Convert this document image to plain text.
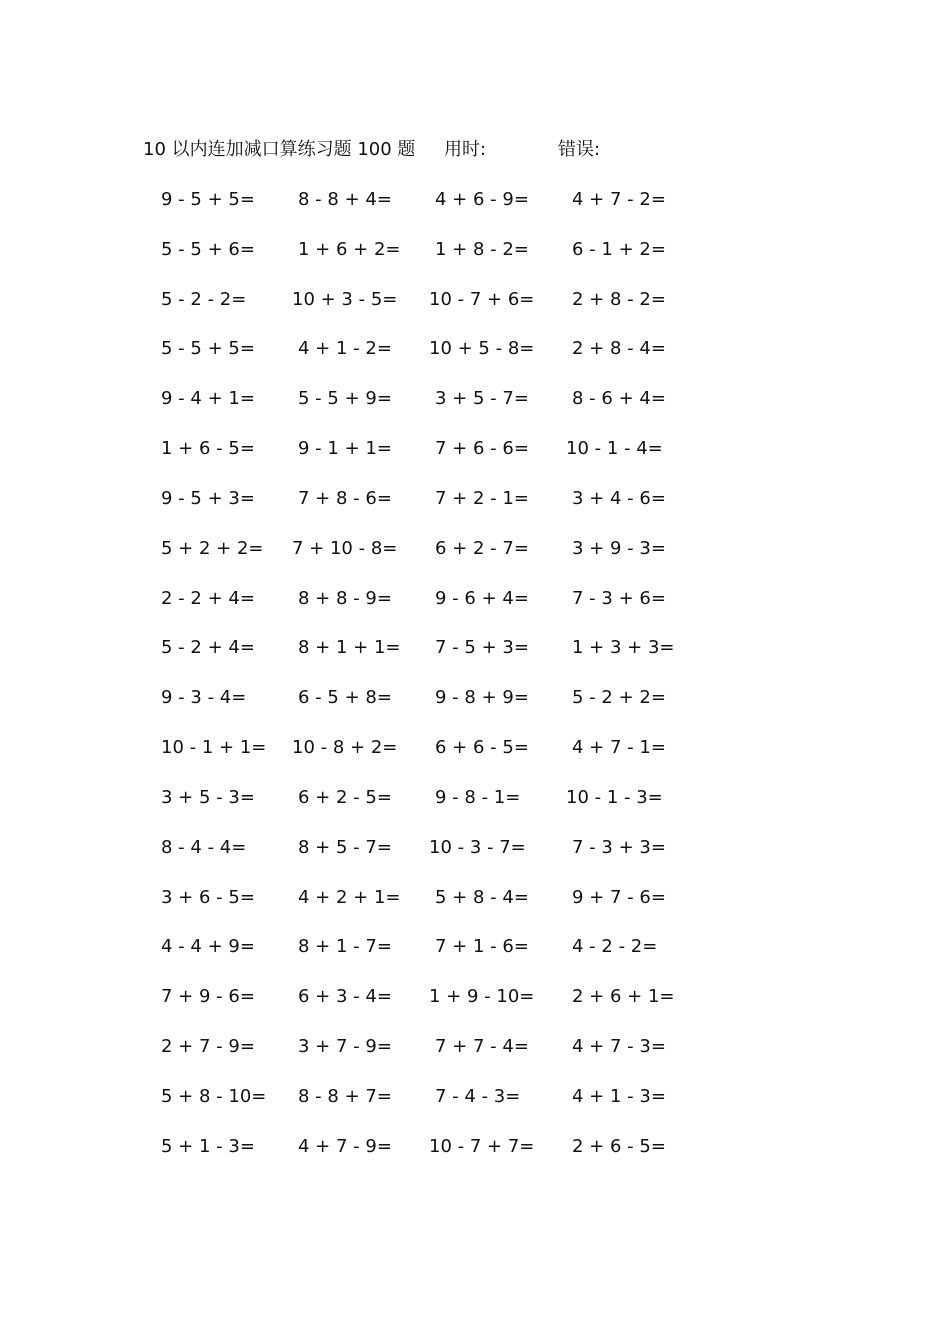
10 以内连加减口算练习题 100 题 用时:	错误:
9 - 5 + 5= 8 - 8 + 4= 4 + 6 - 9= 4 + 7 - 2=
5 - 5 + 6= 1 + 6 + 2= 1 + 8 - 2= 6 - 1 + 2=
5 - 2 - 2=	10 + 3 - 5= 10 - 7 + 6= 2 + 8 - 2=
5 - 5 + 5= 4 + 1 - 2= 10 + 5 - 8= 2 + 8 - 4=
9 - 4 + 1= 5 - 5 + 9= 3 + 5 - 7= 8 - 6 + 4=
1 + 6 - 5= 9 - 1 + 1= 7 + 6 - 6= 10 - 1 - 4=
9 - 5 + 3= 7 + 8 - 6= 7 + 2 - 1= 3 + 4 - 6=
5 + 2 + 2= 7 + 10 - 8= 6 + 2 - 7= 3 + 9 - 3=
2 - 2 + 4= 8 + 8 - 9= 9 - 6 + 4= 7 - 3 + 6=
5 - 2 + 4= 8 + 1 + 1= 7 - 5 + 3= 1 + 3 + 3=
9 - 3 - 4=	6 - 5 + 8= 9 - 8 + 9= 5 - 2 + 2=
10 - 1 + 1= 10 - 8 + 2= 6 + 6 - 5= 4 + 7 - 1=
3 + 5 - 3= 6 + 2 - 5= 9 - 8 - 1=	10 - 1 - 3=
8 - 4 - 4=	8 + 5 - 7= 10 - 3 - 7=	7 - 3 + 3=
3 + 6 - 5= 4 + 2 + 1= 5 + 8 - 4= 9 + 7 - 6=
4 - 4 + 9= 8 + 1 - 7= 7 + 1 - 6= 4 - 2 - 2=
7 + 9 - 6= 6 + 3 - 4= 1 + 9 - 10= 2 + 6 + 1=
2 + 7 - 9= 3 + 7 - 9= 7 + 7 - 4= 4 + 7 - 3=
5 + 8 - 10= 8 - 8 + 7= 7 - 4 - 3=	4 + 1 - 3=
5 + 1 - 3= 4 + 7 - 9= 10 - 7 + 7= 2 + 6 - 5=
